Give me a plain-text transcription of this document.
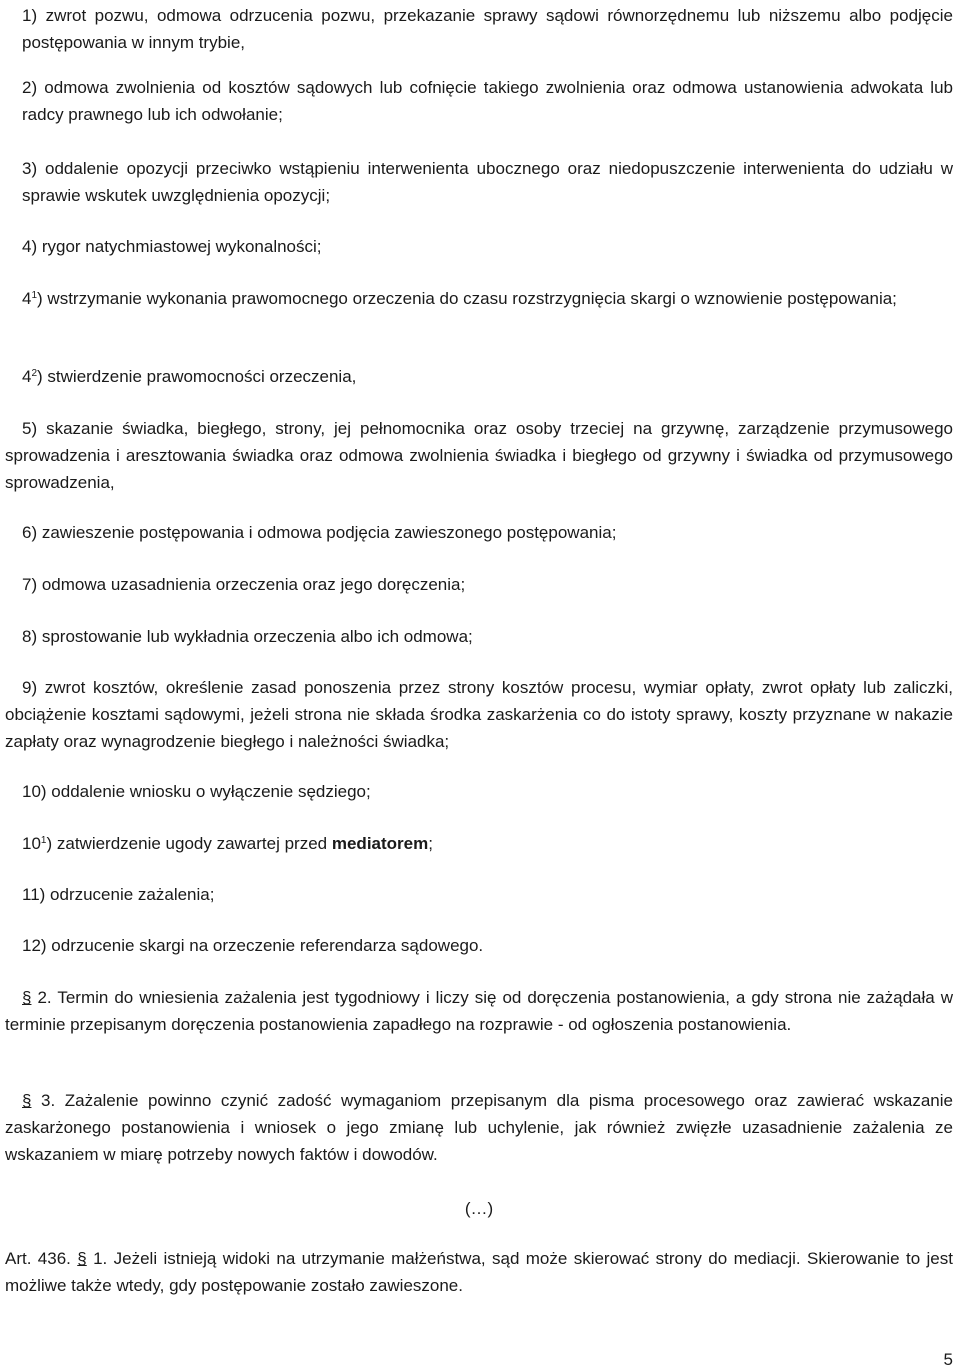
1) zwrot pozwu, odmowa odrzucenia pozwu, przekazanie sprawy sądowi równorzędnemu lub niższemu albo podjęcie postępowania w innym trybie,

2) odmowa zwolnienia od kosztów sądowych lub cofnięcie takiego zwolnienia oraz odmowa ustanowienia adwokata lub radcy prawnego lub ich odwołanie;

3) oddalenie opozycji przeciwko wstąpieniu interwenienta ubocznego oraz niedopuszczenie interwenienta do udziału w sprawie wskutek uwzględnienia opozycji;

4) rygor natychmiastowej wykonalności;

$4^1$) wstrzymanie wykonania prawomocnego orzeczenia do czasu rozstrzygnięcia skargi o wznowienie postępowania;

$4^2$) stwierdzenie prawomocności orzeczenia,

5) skazanie świadka, biegłego, strony, jej pełnomocnika oraz osoby trzeciej na grzywnę, zarządzenie przymusowego sprowadzenia i aresztowania świadka oraz odmowa zwolnienia świadka i biegłego od grzywny i świadka od przymusowego sprowadzenia,

6) zawieszenie postępowania i odmowa podjęcia zawieszonego postępowania;

7) odmowa uzasadnienia orzeczenia oraz jego doręczenia;

8) sprostowanie lub wykładnia orzeczenia albo ich odmowa;

9) zwrot kosztów, określenie zasad ponoszenia przez strony kosztów procesu, wymiar opłaty, zwrot opłaty lub zaliczki, obciążenie kosztami sądowymi, jeżeli strona nie składa środka zaskarżenia co do istoty sprawy, koszty przyznane w nakazie zapłaty oraz wynagrodzenie biegłego i należności świadka;

10) oddalenie wniosku o wyłączenie sędziego;

$10^1$) zatwierdzenie ugody zawartej przed mediatorem;

11) odrzucenie zażalenia;

12) odrzucenie skargi na orzeczenie referendarza sądowego.

§ 2. Termin do wniesienia zażalenia jest tygodniowy i liczy się od doręczenia postanowienia, a gdy strona nie zażądała w terminie przepisanym doręczenia postanowienia zapadłego na rozprawie - od ogłoszenia postanowienia.

§ 3. Zażalenie powinno czynić zadość wymaganiom przepisanym dla pisma procesowego oraz zawierać wskazanie zaskarżonego postanowienia i wniosek o jego zmianę lub uchylenie, jak również zwięzłe uzasadnienie zażalenia ze wskazaniem w miarę potrzeby nowych faktów i dowodów.

(…)

Art. 436. § 1. Jeżeli istnieją widoki na utrzymanie małżeństwa, sąd może skierować strony do mediacji. Skierowanie to jest możliwe także wtedy, gdy postępowanie zostało zawieszone.

5
